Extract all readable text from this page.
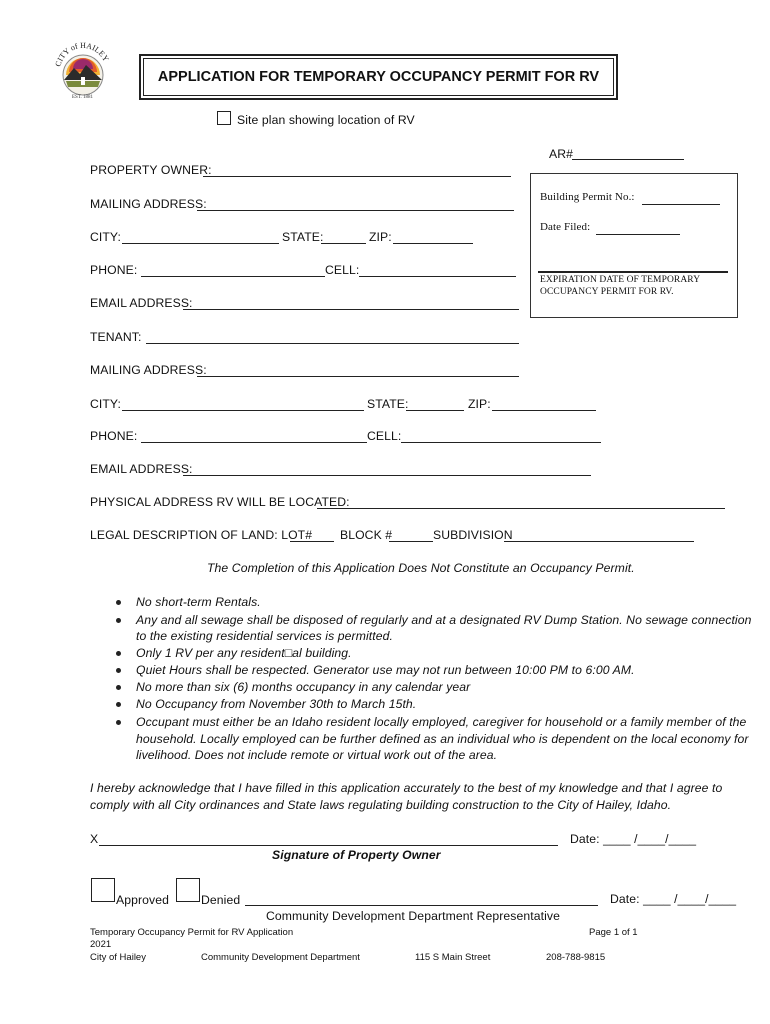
CITY of HAILEY
EST. 1881
APPLICATION FOR TEMPORARY OCCUPANCY PERMIT FOR RV
Site plan showing location of RV
AR#
PROPERTY OWNER:
MAILING ADDRESS:
CITY:	STATE:	ZIP:
PHONE:	CELL:
EMAIL ADDRESS:
Building Permit No.:
Date Filed:
EXPIRATION DATE OF TEMPORARY
OCCUPANCY PERMIT FOR RV.
TENANT:
MAILING ADDRESS:
CITY:	STATE:	ZIP:
PHONE:	CELL:
EMAIL ADDRESS:
PHYSICAL ADDRESS RV WILL BE LOCATED:
LEGAL DESCRIPTION OF LAND: LOT# BLOCK #	SUBDIVISION
The Completion of this Application Does Not Constitute an Occupancy Permit.
No short-term Rentals.
Any and all sewage shall be disposed of regularly and at a designated RV Dump Station. No sewage connection
to the existing residential services is permitted.
Only 1 RV per any resident□al building.
Quiet Hours shall be respected. Generator use may not run between 10:00 PM to 6:00 AM.
No more than six (6) months occupancy in any calendar year
No Occupancy from November 30th to March 15th.
Occupant must either be an Idaho resident locally employed, caregiver for household or a family member of the
household. Locally employed can be further defined as an individual who is dependent on the local economy for
livelihood. Does not include remote or virtual work out of the area.
I hereby acknowledge that I have filled in this application accurately to the best of my knowledge and that I agree to
comply with all City ordinances and State laws regulating building construction to the City of Hailey, Idaho.
X	Date: ____ /____/____
Signature of Property Owner
Approved	Denied	Date: ____ /____/____
Community Development Department Representative
Temporary Occupancy Permit for RV Application	Page 1 of 1
2021
City of Hailey	Community Development Department	115 S Main Street	208-788-9815
